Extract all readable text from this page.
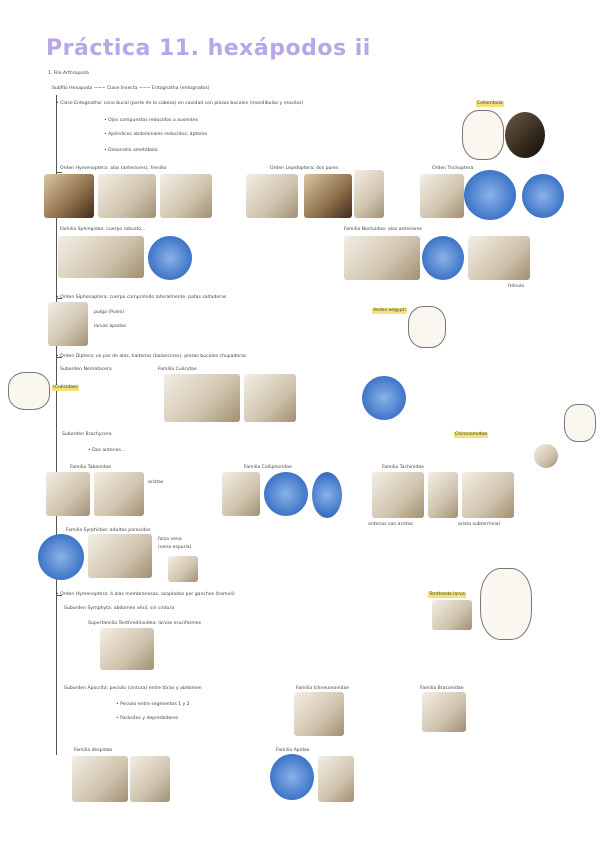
Práctica 11. hexápodos ii
1. Filo Arthropoda
Subfilo Hexapoda ~~~ Clase Insecta ~~~ Entognatha (entognatos)
• Clase Entognatha: cono bucal (parte de la cabeza) en cavidad con piezas bucales (mandíbulas y maxilas)
• Ojos compuestos reducidos o ausentes
• Apéndices abdominales reducidos; ápteros
• Desarrollo ametábolo
Collembola
Orden Hymenoptera: alas (anteriores), frenillo	Orden Lepidoptera: dos pares	Orden Trichoptera
Familia Sphingidae: cuerpo robusto...	Familia Noctuidae: alas anteriores
frénulo
• Orden Siphonaptera: cuerpo comprimido lateralmente, patas saltadoras
pulga (Pulex)
larvas ápodas
Aedes aegypti
• Orden Diptera: un par de alas, halterios (balancines), piezas bucales chupadoras
Suborden Nematocera
(Culicidae)
Familia Culicidae
Suborden Brachycera
• Dos antenas...
Chironomidae
Familia Tabanidae	Familia Calliphoridae	Familia Tachinidae
aristas
antenas con aristas	arista subterminal
Familia Syrphidae: adultos parecidos
falsa vena
(vena espuria)
• Orden Hymenoptera: 4 alas membranosas, acopladas por ganchos (hamuli)
Suborden Symphyta: abdomen sésil, sin cintura
Superfamilia Tenthredinoidea: larvas eruciformes
Tenthredo larva
Suborden Apocrita: peciolo (cintura) entre tórax y abdomen
• Peciolo entre segmentos 1 y 2
• Parásitos y depredadores
Familia Ichneumonidae	Familia Braconidae
Familia Vespidae	Familia Apidae
